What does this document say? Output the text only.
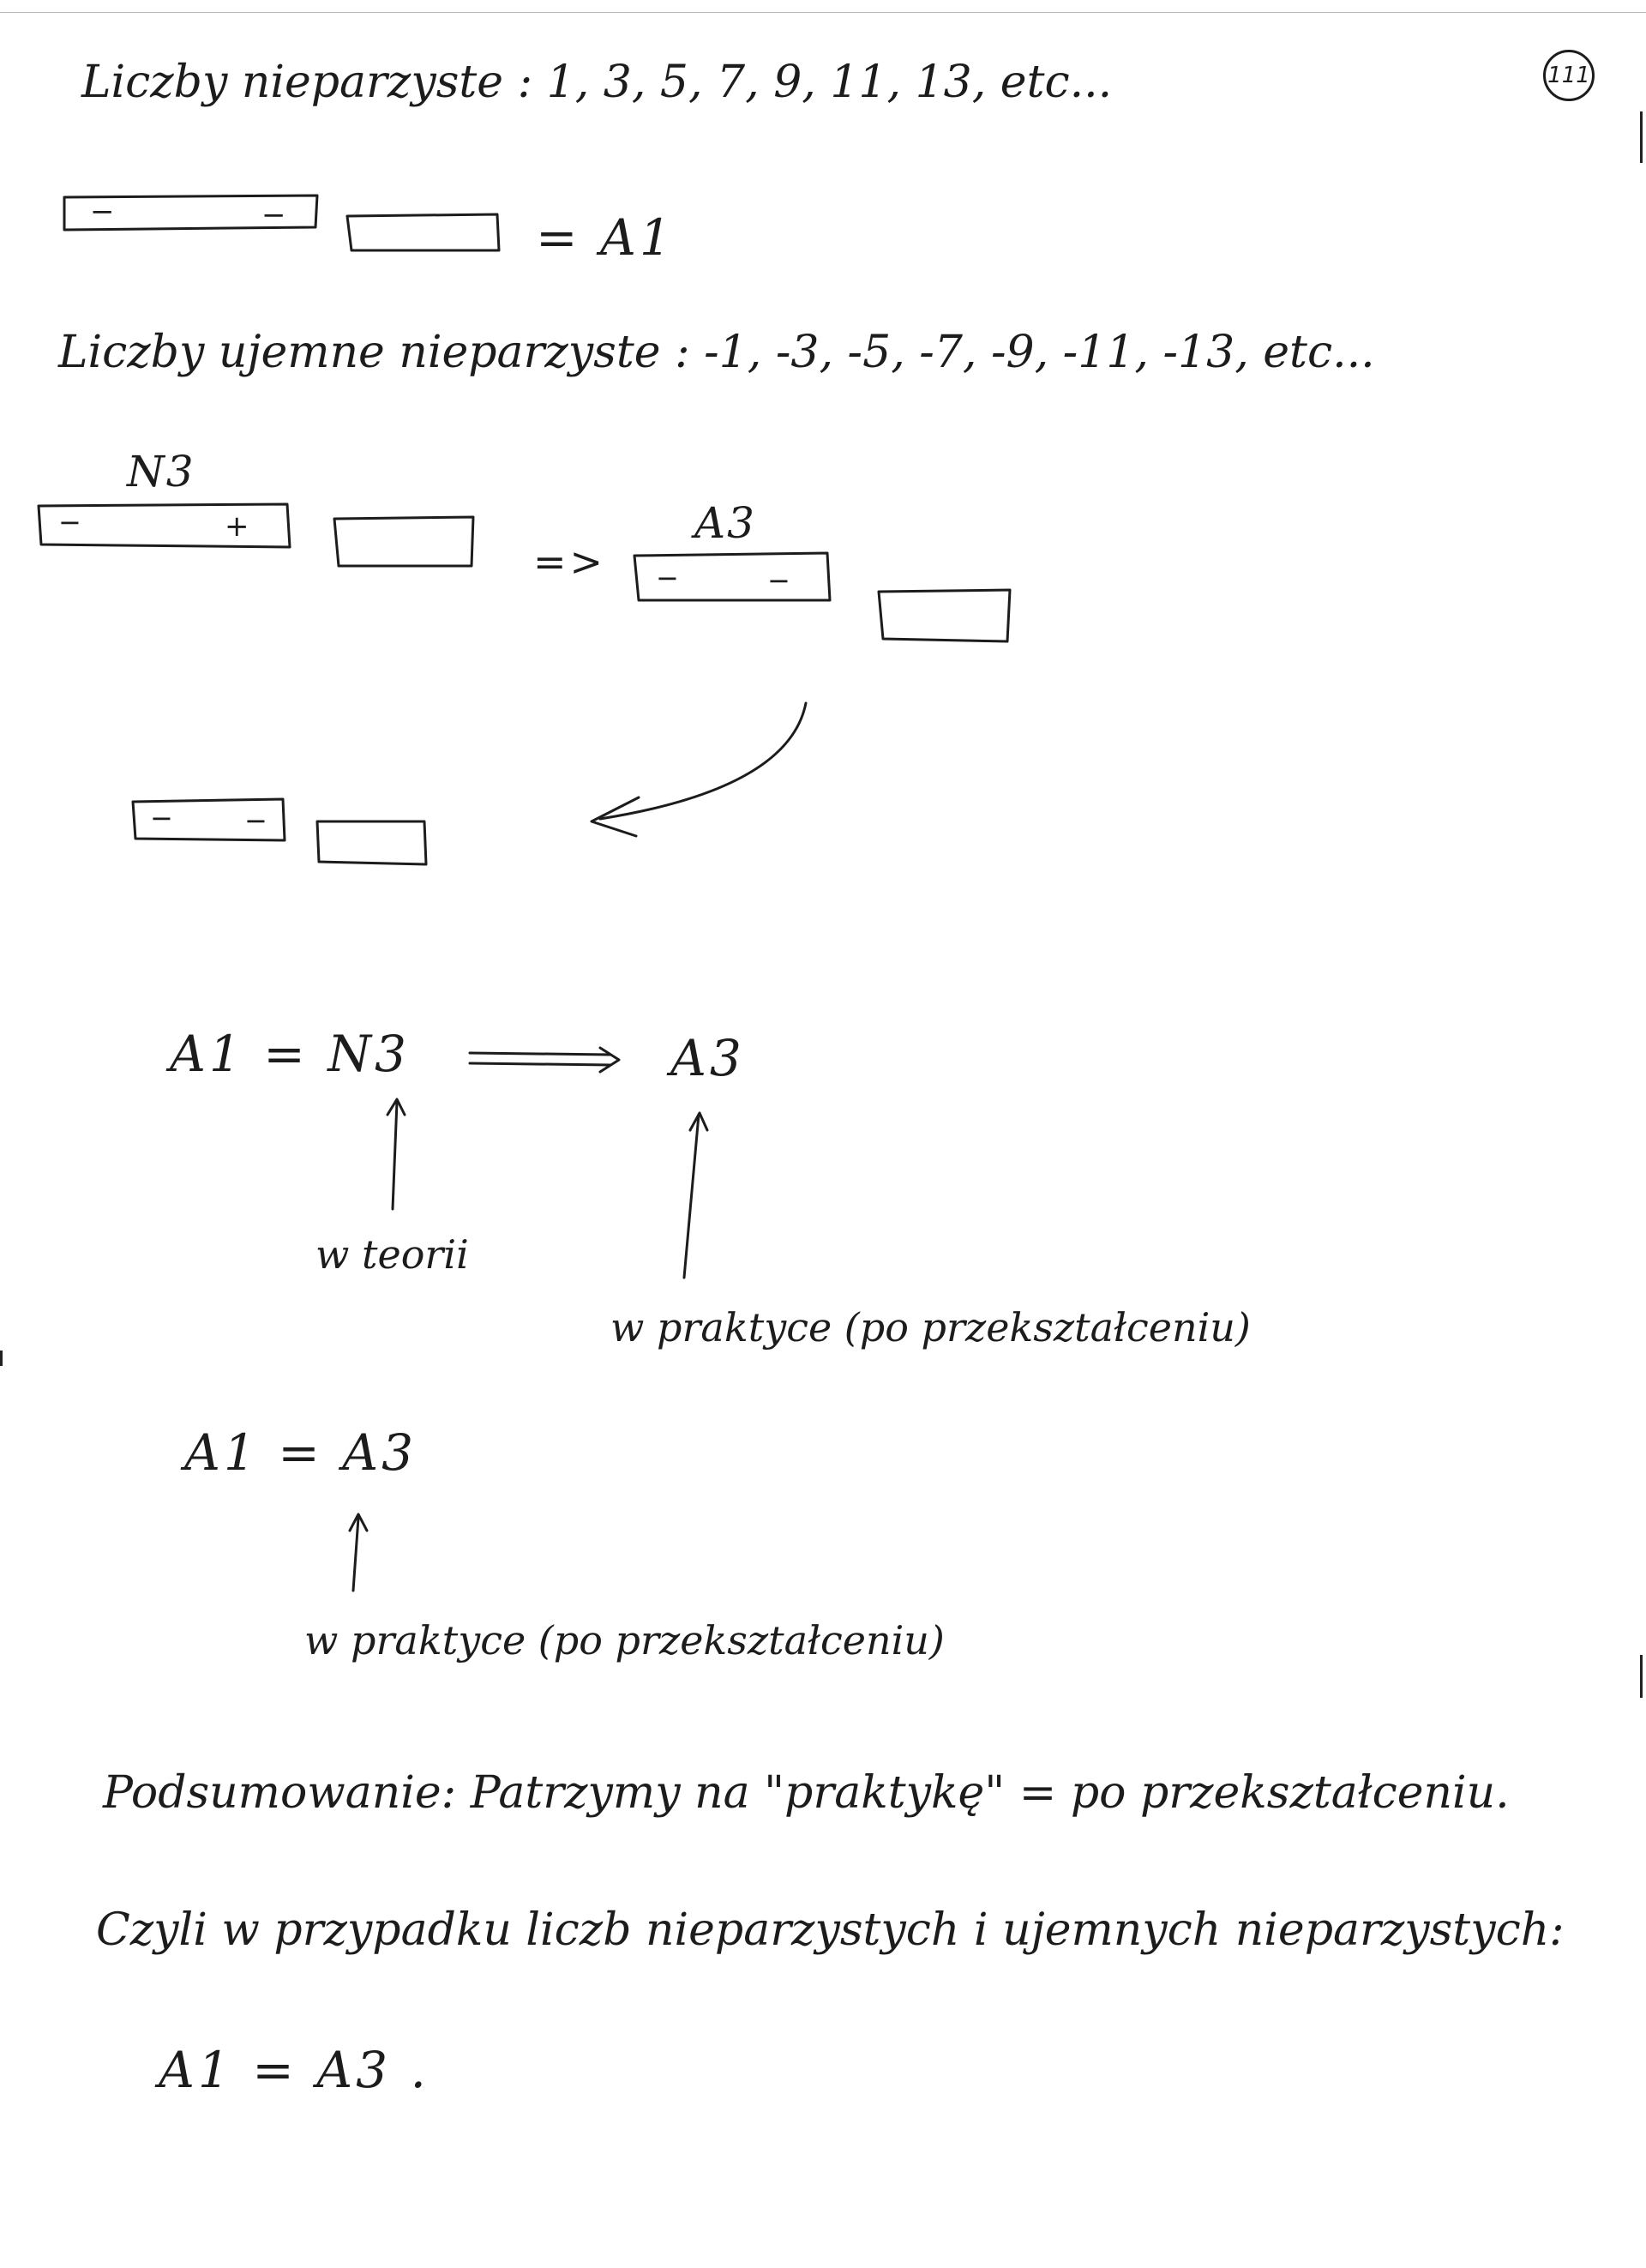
111
Liczby nieparzyste : 1, 3, 5, 7, 9, 11, 13, etc...
Liczby ujemne nieparzyste : -1, -3, -5, -7, -9, -11, -13, etc...
= A1
N3
A3
=>
A1 = N3	A3
w teorii
w praktyce (po przekształceniu)
A1 = A3
w praktyce (po przekształceniu)
Podsumowanie: Patrzymy na "praktykę" = po przekształceniu.
Czyli w przypadku liczb nieparzystych i ujemnych nieparzystych:
A1 = A3 .
−	−
−	+
−	−
−	−
